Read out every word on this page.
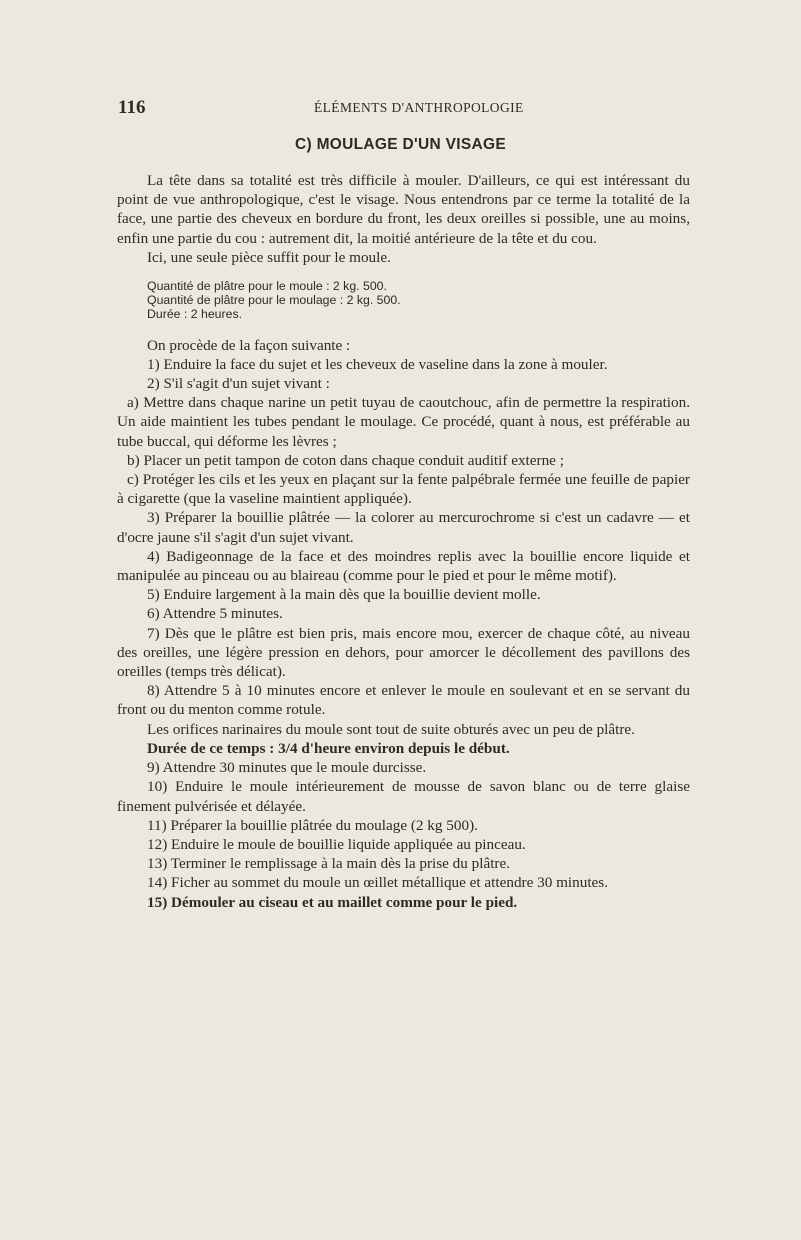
116	ÉLÉMENTS D'ANTHROPOLOGIE
C) MOULAGE D'UN VISAGE

La tête dans sa totalité est très difficile à mouler. D'ailleurs, ce qui est intéressant du point de vue anthropologique, c'est le visage. Nous entendrons par ce terme la totalité de la face, une partie des cheveux en bordure du front, les deux oreilles si possible, une au moins, enfin une partie du cou : autrement dit, la moitié antérieure de la tête et du cou.

Ici, une seule pièce suffit pour le moule.

Quantité de plâtre pour le moule : 2 kg. 500.
Quantité de plâtre pour le moulage : 2 kg. 500.
Durée : 2 heures.

On procède de la façon suivante :

1) Enduire la face du sujet et les cheveux de vaseline dans la zone à mouler.

2) S'il s'agit d'un sujet vivant :

a) Mettre dans chaque narine un petit tuyau de caoutchouc, afin de permettre la respiration. Un aide maintient les tubes pendant le moulage. Ce procédé, quant à nous, est préférable au tube buccal, qui déforme les lèvres ;

b) Placer un petit tampon de coton dans chaque conduit auditif externe ;

c) Protéger les cils et les yeux en plaçant sur la fente palpébrale fermée une feuille de papier à cigarette (que la vaseline maintient appliquée).

3) Préparer la bouillie plâtrée — la colorer au mercurochrome si c'est un cadavre — et d'ocre jaune s'il s'agit d'un sujet vivant.

4) Badigeonnage de la face et des moindres replis avec la bouillie encore liquide et manipulée au pinceau ou au blaireau (comme pour le pied et pour le même motif).

5) Enduire largement à la main dès que la bouillie devient molle.

6) Attendre 5 minutes.

7) Dès que le plâtre est bien pris, mais encore mou, exercer de chaque côté, au niveau des oreilles, une légère pression en dehors, pour amorcer le décollement des pavillons des oreilles (temps très délicat).

8) Attendre 5 à 10 minutes encore et enlever le moule en soulevant et en se servant du front ou du menton comme rotule.

Les orifices narinaires du moule sont tout de suite obturés avec un peu de plâtre.

Durée de ce temps : 3/4 d'heure environ depuis le début.

9) Attendre 30 minutes que le moule durcisse.

10) Enduire le moule intérieurement de mousse de savon blanc ou de terre glaise finement pulvérisée et délayée.

11) Préparer la bouillie plâtrée du moulage (2 kg 500).

12) Enduire le moule de bouillie liquide appliquée au pinceau.

13) Terminer le remplissage à la main dès la prise du plâtre.

14) Ficher au sommet du moule un œillet métallique et attendre 30 minutes.

15) Démouler au ciseau et au maillet comme pour le pied.
